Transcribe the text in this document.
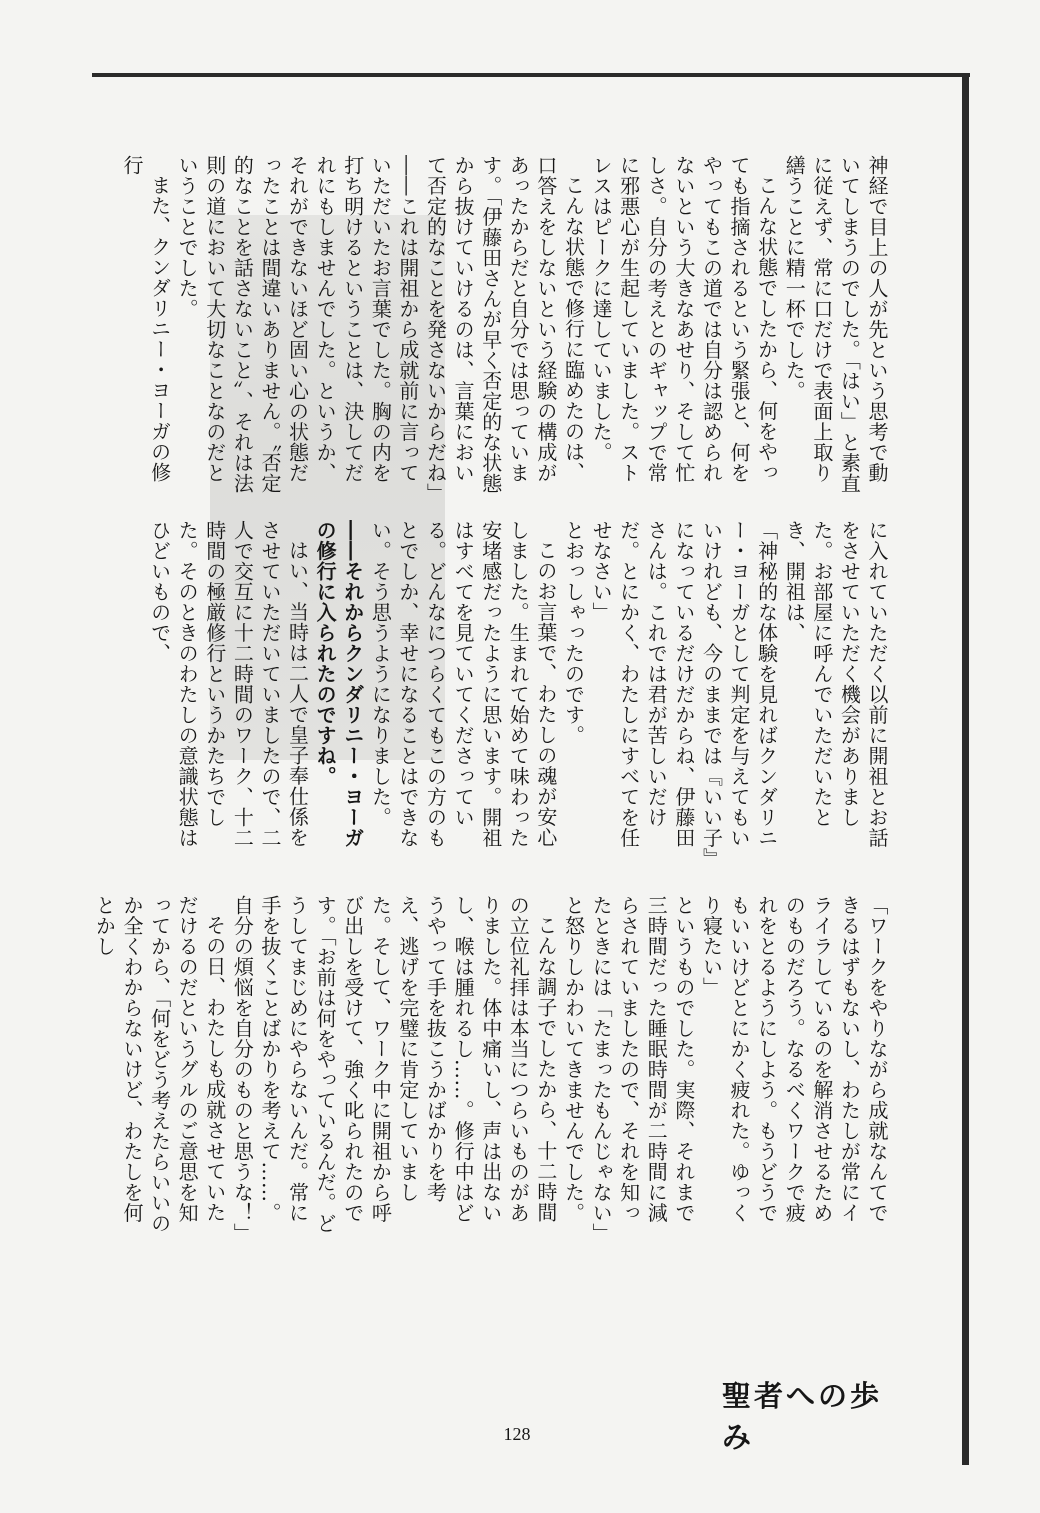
神経で目上の人が先という思考で動いてしまうのでした。「はい」と素直に従えず、常に口だけで表面上取り繕うことに精一杯でした。
こんな状態でしたから、何をやっても指摘されるという緊張と、何をやってもこの道では自分は認められないという大きなあせり、そして忙しさ。自分の考えとのギャップで常に邪悪心が生起していました。ストレスはピークに達していました。
こんな状態で修行に臨めたのは、口答えをしないという経験の構成があったからだと自分では思っています。「伊藤田さんが早く否定的な状態から抜けていけるのは、言葉において否定的なことを発さないからだね」――これは開祖から成就前に言っていただいたお言葉でした。胸の内を打ち明けるということは、決してだれにもしませんでした。というか、それができないほど固い心の状態だったことは間違いありません。〝否定的なことを話さないこと〟、それは法則の道において大切なことなのだということでした。
また、クンダリニー・ヨーガの修行
に入れていただく以前に開祖とお話をさせていただく機会がありました。お部屋に呼んでいただいたとき、開祖は、
「神秘的な体験を見ればクンダリニー・ヨーガとして判定を与えてもいいけれども、今のままでは『いい子』になっているだけだからね、伊藤田さんは。これでは君が苦しいだけだ。とにかく、わたしにすべてを任せなさい」
とおっしゃったのです。
このお言葉で、わたしの魂が安心しました。生まれて始めて味わった安堵感だったように思います。開祖はすべてを見ていてくださっている。どんなにつらくてもこの方のもとでしか、幸せになることはできない。そう思うようになりました。
――それからクンダリニー・ヨーガの修行に入られたのですね。
はい、当時は二人で皇子奉仕係をさせていただいていましたので、二人で交互に十二時間のワーク、十二時間の極厳修行というかたちでした。そのときのわたしの意識状態はひどいもので、
「ワークをやりながら成就なんてできるはずもないし、わたしが常にイライラしているのを解消させるためのものだろう。なるべくワークで疲れをとるようにしよう。もうどうでもいいけどとにかく疲れた。ゆっくり寝たい」
というものでした。実際、それまで三時間だった睡眠時間が二時間に減らされていましたので、それを知ったときには「たまったもんじゃない」と怒りしかわいてきませんでした。
こんな調子でしたから、十二時間の立位礼拝は本当につらいものがありました。体中痛いし、声は出ないし、喉は腫れるし……。修行中はどうやって手を抜こうかばかりを考え、逃げを完璧に肯定していました。そして、ワーク中に開祖から呼び出しを受けて、強く叱られたのです。「お前は何をやっているんだ。どうしてまじめにやらないんだ。常に手を抜くことばかりを考えて……。自分の煩悩を自分のものと思うな！」
その日、わたしも成就させていただけるのだというグルのご意思を知ってから、「何をどう考えたらいいのか全くわからないけど、わたしを何とかし
聖者への歩み
128
